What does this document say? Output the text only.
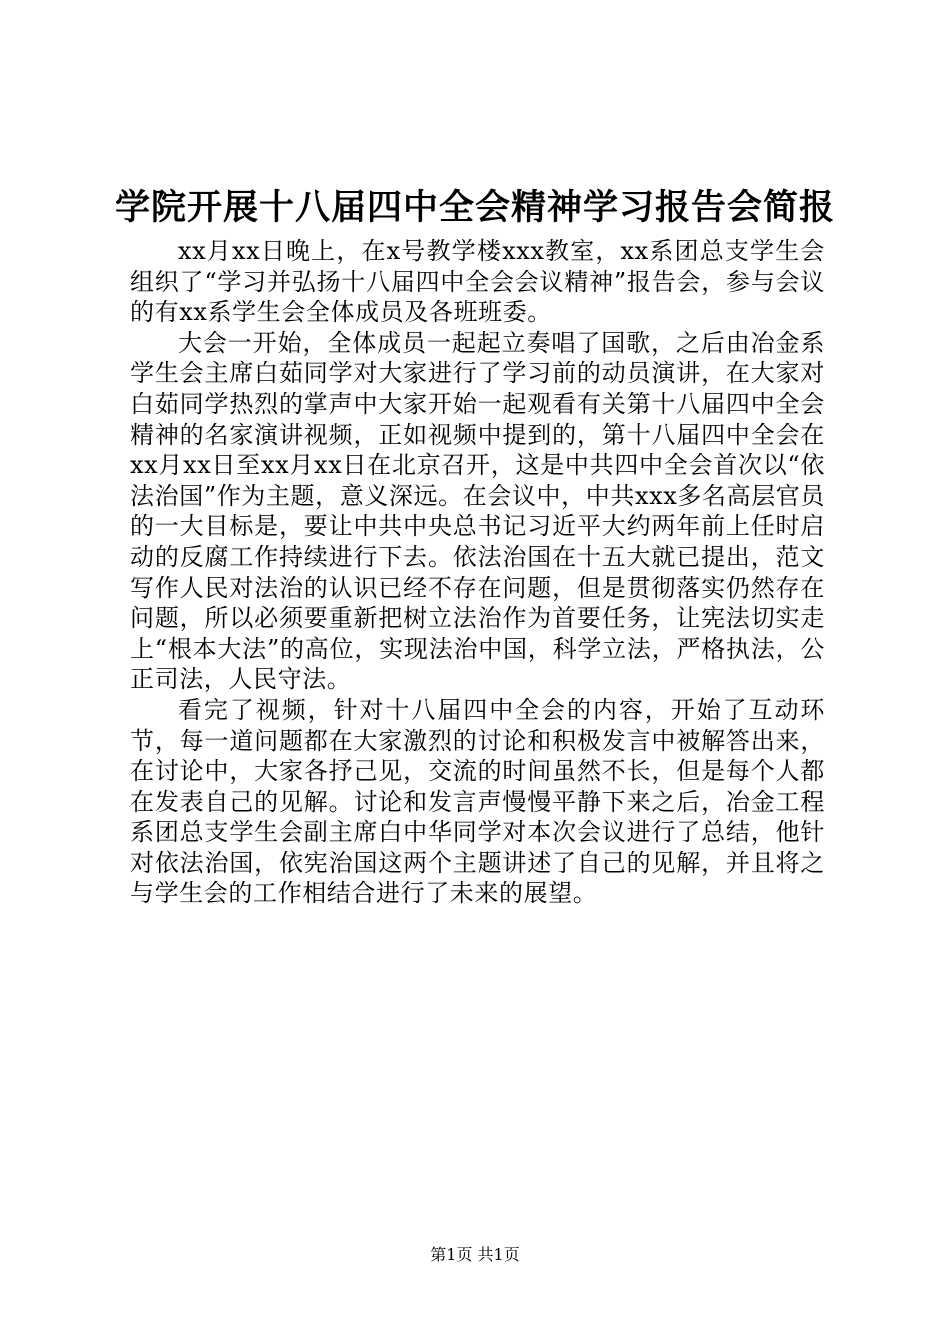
学院开展十八届四中全会精神学习报告会简报

xx月xx日晚上，在x号教学楼xxx教室，xx系团总支学生会组织了“学习并弘扬十八届四中全会会议精神”报告会，参与会议的有xx系学生会全体成员及各班班委。

大会一开始，全体成员一起起立奏唱了国歌，之后由冶金系学生会主席白茹同学对大家进行了学习前的动员演讲，在大家对白茹同学热烈的掌声中大家开始一起观看有关第十八届四中全会精神的名家演讲视频，正如视频中提到的，第十八届四中全会在xx月xx日至xx月xx日在北京召开，这是中共四中全会首次以“依法治国”作为主题，意义深远。在会议中，中共xxx多名高层官员的一大目标是，要让中共中央总书记习近平大约两年前上任时启动的反腐工作持续进行下去。依法治国在十五大就已提出，范文写作人民对法治的认识已经不存在问题，但是贯彻落实仍然存在问题，所以必须要重新把树立法治作为首要任务，让宪法切实走上“根本大法”的高位，实现法治中国，科学立法，严格执法，公正司法，人民守法。

看完了视频，针对十八届四中全会的内容，开始了互动环节，每一道问题都在大家激烈的讨论和积极发言中被解答出来，在讨论中，大家各抒己见，交流的时间虽然不长，但是每个人都在发表自己的见解。讨论和发言声慢慢平静下来之后，冶金工程系团总支学生会副主席白中华同学对本次会议进行了总结，他针对依法治国，依宪治国这两个主题讲述了自己的见解，并且将之与学生会的工作相结合进行了未来的展望。

第1页 共1页
